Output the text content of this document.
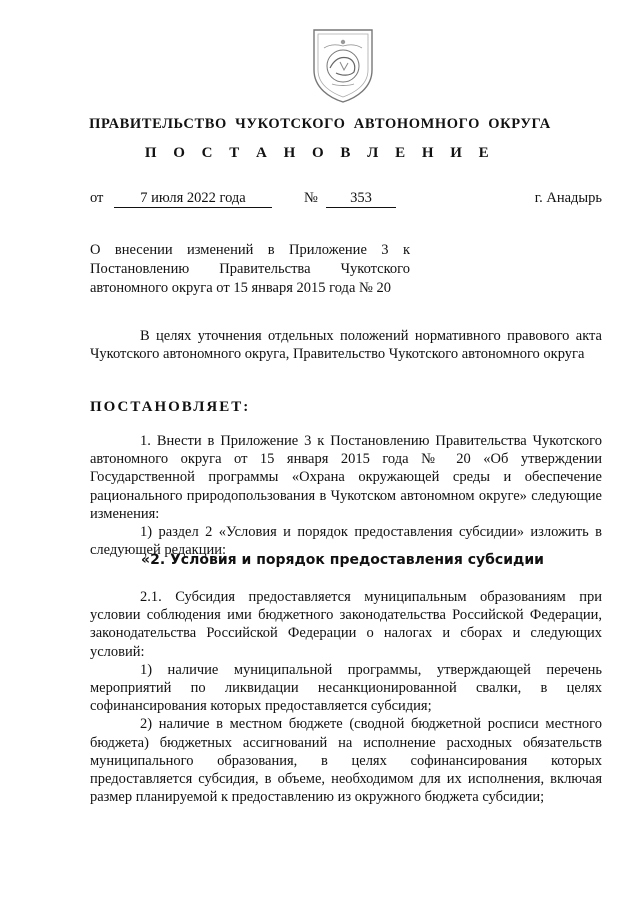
ПРАВИТЕЛЬСТВО ЧУКОТСКОГО АВТОНОМНОГО ОКРУГА
П О С Т А Н О В Л Е Н И Е
от	7 июля 2022 года	№	353	г. Анадырь
О внесении изменений в Приложение 3 к Постановлению Правительства Чукотского автономного округа от 15 января 2015 года № 20

В целях уточнения отдельных положений нормативного правового акта Чукотского автономного округа, Правительство Чукотского автономного округа

ПОСТАНОВЛЯЕТ:

1. Внести в Приложение 3 к Постановлению Правительства Чукотского автономного округа от 15 января 2015 года № 20 «Об утверждении Государственной программы «Охрана окружающей среды и обеспечение рационального природопользования в Чукотском автономном округе» следующие изменения:

1) раздел 2 «Условия и порядок предоставления субсидии» изложить в следующей редакции:

«2. Условия и порядок предоставления субсидии

2.1. Субсидия предоставляется муниципальным образованиям при условии соблюдения ими бюджетного законодательства Российской Федерации, законодательства Российской Федерации о налогах и сборах и следующих условий:

1) наличие муниципальной программы, утверждающей перечень мероприятий по ликвидации несанкционированной свалки, в целях софинансирования которых предоставляется субсидия;

2) наличие в местном бюджете (сводной бюджетной росписи местного бюджета) бюджетных ассигнований на исполнение расходных обязательств муниципального образования, в целях софинансирования которых предоставляется субсидия, в объеме, необходимом для их исполнения, включая размер планируемой к предоставлению из окружного бюджета субсидии;
